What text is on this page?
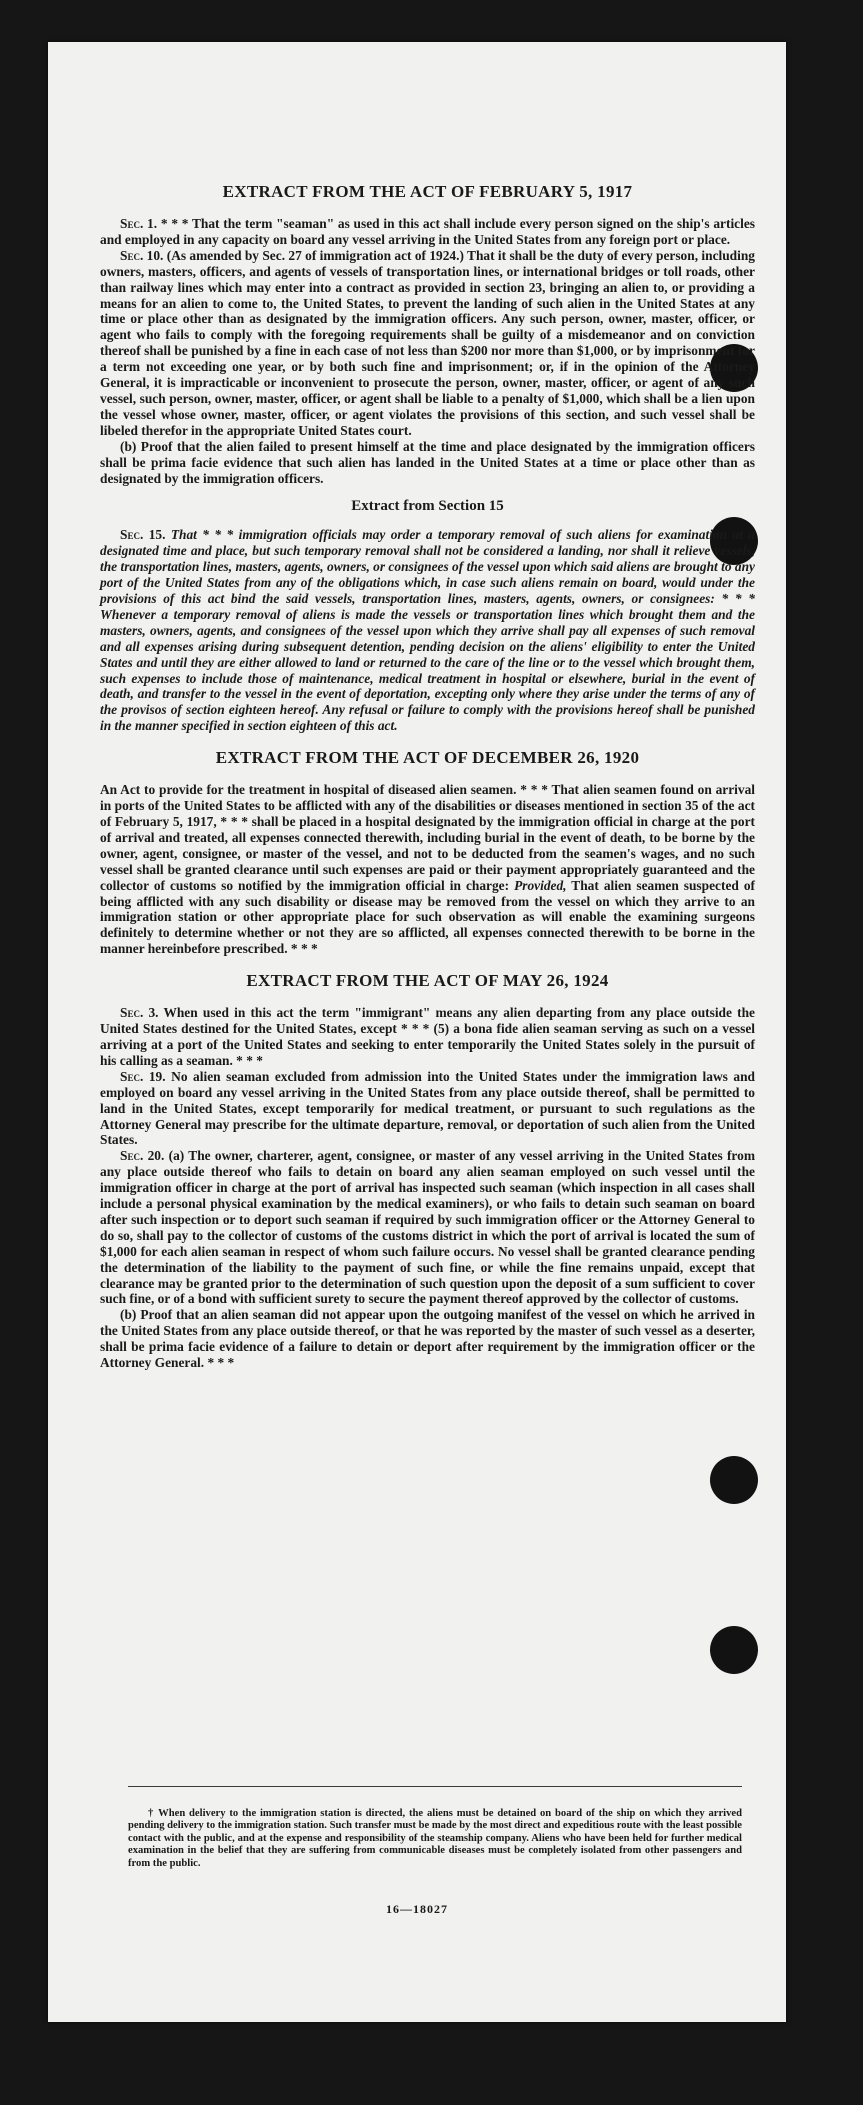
EXTRACT FROM THE ACT OF FEBRUARY 5, 1917

Sec. 1. * * * That the term "seaman" as used in this act shall include every person signed on the ship's articles and employed in any capacity on board any vessel arriving in the United States from any foreign port or place.

Sec. 10. (As amended by Sec. 27 of immigration act of 1924.) That it shall be the duty of every person, including owners, masters, officers, and agents of vessels of transportation lines, or international bridges or toll roads, other than railway lines which may enter into a contract as provided in section 23, bringing an alien to, or providing a means for an alien to come to, the United States, to prevent the landing of such alien in the United States at any time or place other than as designated by the immigration officers. Any such person, owner, master, officer, or agent who fails to comply with the foregoing requirements shall be guilty of a misdemeanor and on conviction thereof shall be punished by a fine in each case of not less than $200 nor more than $1,000, or by imprisonment for a term not exceeding one year, or by both such fine and imprisonment; or, if in the opinion of the Attorney General, it is impracticable or inconvenient to prosecute the person, owner, master, officer, or agent of any such vessel, such person, owner, master, officer, or agent shall be liable to a penalty of $1,000, which shall be a lien upon the vessel whose owner, master, officer, or agent violates the provisions of this section, and such vessel shall be libeled therefor in the appropriate United States court.

(b) Proof that the alien failed to present himself at the time and place designated by the immigration officers shall be prima facie evidence that such alien has landed in the United States at a time or place other than as designated by the immigration officers.

Extract from Section 15

Sec. 15. That * * * immigration officials may order a temporary removal of such aliens for examination at a designated time and place, but such temporary removal shall not be considered a landing, nor shall it relieve vessels, the transportation lines, masters, agents, owners, or consignees of the vessel upon which said aliens are brought to any port of the United States from any of the obligations which, in case such aliens remain on board, would under the provisions of this act bind the said vessels, transportation lines, masters, agents, owners, or consignees: * * * Whenever a temporary removal of aliens is made the vessels or transportation lines which brought them and the masters, owners, agents, and consignees of the vessel upon which they arrive shall pay all expenses of such removal and all expenses arising during subsequent detention, pending decision on the aliens' eligibility to enter the United States and until they are either allowed to land or returned to the care of the line or to the vessel which brought them, such expenses to include those of maintenance, medical treatment in hospital or elsewhere, burial in the event of death, and transfer to the vessel in the event of deportation, excepting only where they arise under the terms of any of the provisos of section eighteen hereof. Any refusal or failure to comply with the provisions hereof shall be punished in the manner specified in section eighteen of this act.

EXTRACT FROM THE ACT OF DECEMBER 26, 1920

An Act to provide for the treatment in hospital of diseased alien seamen. * * * That alien seamen found on arrival in ports of the United States to be afflicted with any of the disabilities or diseases mentioned in section 35 of the act of February 5, 1917, * * * shall be placed in a hospital designated by the immigration official in charge at the port of arrival and treated, all expenses connected therewith, including burial in the event of death, to be borne by the owner, agent, consignee, or master of the vessel, and not to be deducted from the seamen's wages, and no such vessel shall be granted clearance until such expenses are paid or their payment appropriately guaranteed and the collector of customs so notified by the immigration official in charge: Provided, That alien seamen suspected of being afflicted with any such disability or disease may be removed from the vessel on which they arrive to an immigration station or other appropriate place for such observation as will enable the examining surgeons definitely to determine whether or not they are so afflicted, all expenses connected therewith to be borne in the manner hereinbefore prescribed. * * *

EXTRACT FROM THE ACT OF MAY 26, 1924

Sec. 3. When used in this act the term "immigrant" means any alien departing from any place outside the United States destined for the United States, except * * * (5) a bona fide alien seaman serving as such on a vessel arriving at a port of the United States and seeking to enter temporarily the United States solely in the pursuit of his calling as a seaman. * * *

Sec. 19. No alien seaman excluded from admission into the United States under the immigration laws and employed on board any vessel arriving in the United States from any place outside thereof, shall be permitted to land in the United States, except temporarily for medical treatment, or pursuant to such regulations as the Attorney General may prescribe for the ultimate departure, removal, or deportation of such alien from the United States.

Sec. 20. (a) The owner, charterer, agent, consignee, or master of any vessel arriving in the United States from any place outside thereof who fails to detain on board any alien seaman employed on such vessel until the immigration officer in charge at the port of arrival has inspected such seaman (which inspection in all cases shall include a personal physical examination by the medical examiners), or who fails to detain such seaman on board after such inspection or to deport such seaman if required by such immigration officer or the Attorney General to do so, shall pay to the collector of customs of the customs district in which the port of arrival is located the sum of $1,000 for each alien seaman in respect of whom such failure occurs. No vessel shall be granted clearance pending the determination of the liability to the payment of such fine, or while the fine remains unpaid, except that clearance may be granted prior to the determination of such question upon the deposit of a sum sufficient to cover such fine, or of a bond with sufficient surety to secure the payment thereof approved by the collector of customs.

(b) Proof that an alien seaman did not appear upon the outgoing manifest of the vessel on which he arrived in the United States from any place outside thereof, or that he was reported by the master of such vessel as a deserter, shall be prima facie evidence of a failure to detain or deport after requirement by the immigration officer or the Attorney General. * * *

† When delivery to the immigration station is directed, the aliens must be detained on board of the ship on which they arrived pending delivery to the immigration station. Such transfer must be made by the most direct and expeditious route with the least possible contact with the public, and at the expense and responsibility of the steamship company. Aliens who have been held for further medical examination in the belief that they are suffering from communicable diseases must be completely isolated from other passengers and from the public.

16—18027
